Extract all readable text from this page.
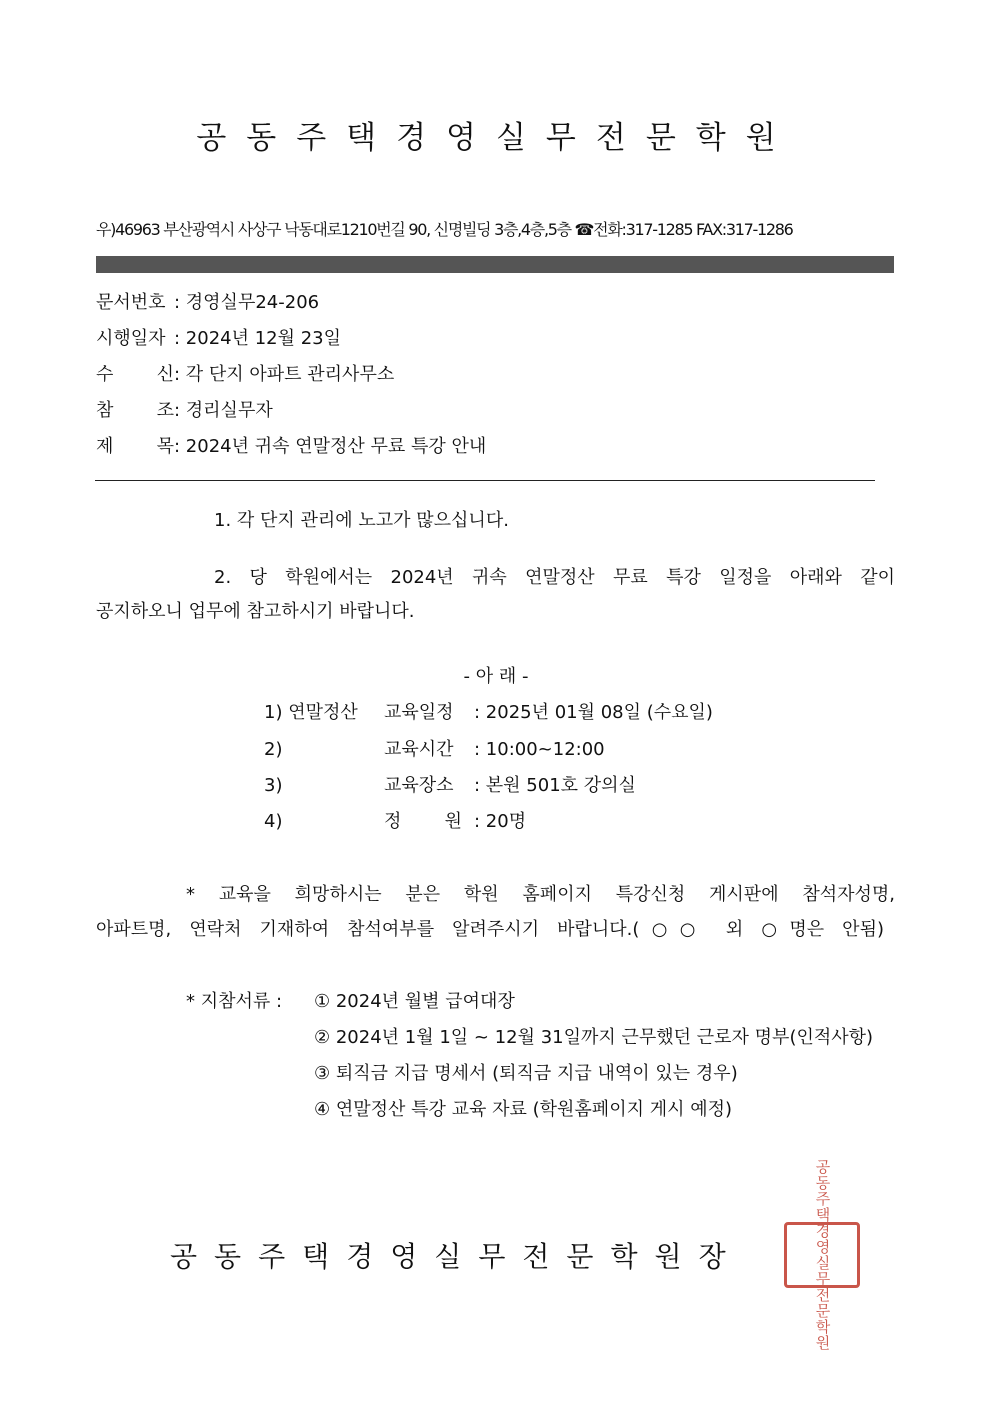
공동주택경영실무전문학원
우)46963 부산광역시 사상구 낙동대로1210번길 90, 신명빌딩 3층,4층,5층 ☎전화:317-1285 FAX:317-1286
문서번호 : 경영실무24-206
시행일자 : 2024년 12월 23일
수 신: 각 단지 아파트 관리사무소
참 조: 경리실무자
제 목: 2024년 귀속 연말정산 무료 특강 안내
1. 각 단지 관리에 노고가 많으십니다.
2. 당 학원에서는 2024년 귀속 연말정산 무료 특강 일정을 아래와 같이
공지하오니 업무에 참고하시기 바랍니다.
- 아 래 -
1) 연말정산 교육일정 : 2025년 01월 08일 (수요일)
2)	교육시간 : 10:00~12:00
3)	교육장소 : 본원 501호 강의실
4)	정 원 : 20명
* 교육을 희망하시는 분은 학원 홈페이지 특강신청 게시판에 참석자성명,
아파트명, 연락처 기재하여 참석여부를 알려주시기 바랍니다.(○○ 외 ○명은 안됨)
* 지참서류 : ① 2024년 월별 급여대장
② 2024년 1월 1일 ~ 12월 31일까지 근무했던 근로자 명부(인적사항)
③ 퇴직금 지급 명세서 (퇴직금 지급 내역이 있는 경우)
④ 연말정산 특강 교육 자료 (학원홈페이지 게시 예정)
공동주택경영실무전문학원장	공동주택경영실무전문학원
